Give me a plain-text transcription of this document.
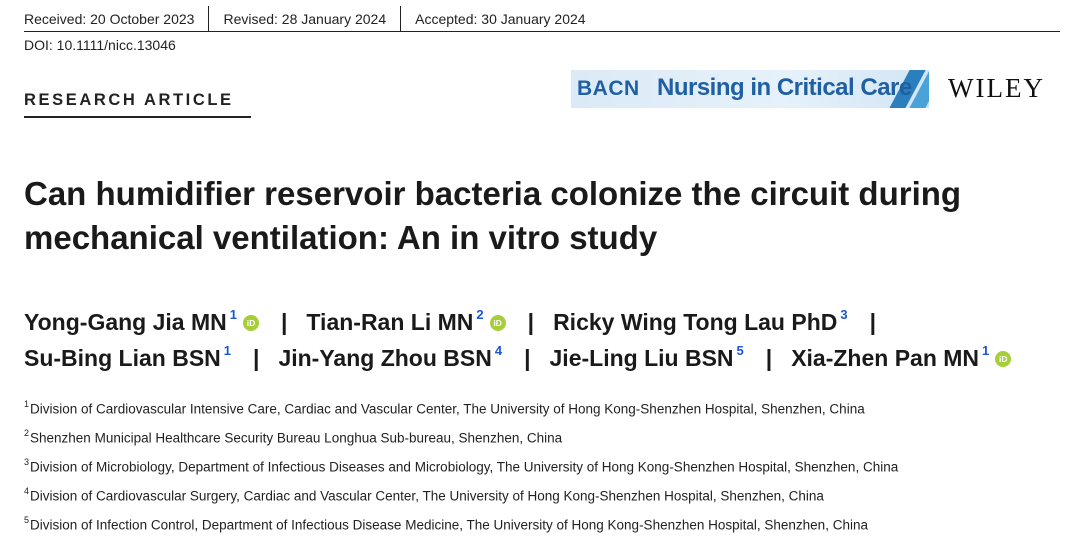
Received: 20 October 2023	Revised: 28 January 2024	Accepted: 30 January 2024
DOI: 10.1111/nicc.13046
RESEARCH ARTICLE	BACN Nursing in Critical Care WILEY
Can humidifier reservoir bacteria colonize the circuit during mechanical ventilation: An in vitro study
Yong-Gang Jia $MN^1$
iD | Tian-Ran Li $MN^2$
iD | Ricky Wing Tong Lau PhD$^3$ |
Su-Bing Lian BSN$^1$ | Jin-Yang Zhou BSN$^4$ | Jie-Ling Liu BSN$^5$ | Xia-Zhen Pan $MN^1$
iD
$^1$Division of Cardiovascular Intensive Care, Cardiac and Vascular Center, The University of Hong Kong-Shenzhen Hospital, Shenzhen, China
$^2$Shenzhen Municipal Healthcare Security Bureau Longhua Sub-bureau, Shenzhen, China
$^3$Division of Microbiology, Department of Infectious Diseases and Microbiology, The University of Hong Kong-Shenzhen Hospital, Shenzhen, China
$^4$Division of Cardiovascular Surgery, Cardiac and Vascular Center, The University of Hong Kong-Shenzhen Hospital, Shenzhen, China
$^5$Division of Infection Control, Department of Infectious Disease Medicine, The University of Hong Kong-Shenzhen Hospital, Shenzhen, China
